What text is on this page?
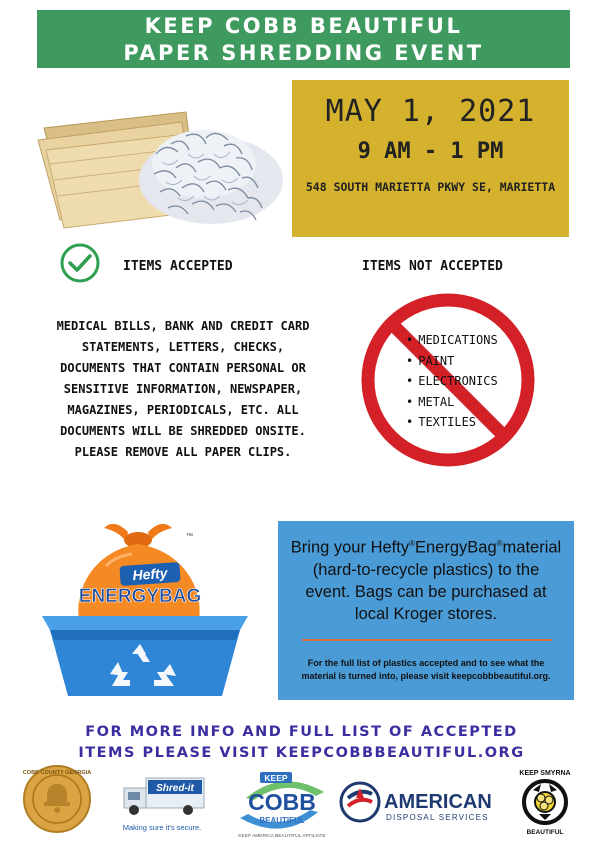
KEEP COBB BEAUTIFUL
PAPER SHREDDING EVENT
MAY 1, 2021
9 AM - 1 PM
548 SOUTH MARIETTA PKWY SE, MARIETTA
ITEMS ACCEPTED
MEDICAL BILLS, BANK AND CREDIT CARD
STATEMENTS, LETTERS, CHECKS,
DOCUMENTS THAT CONTAIN PERSONAL OR
SENSITIVE INFORMATION, NEWSPAPER,
MAGAZINES, PERIODICALS, ETC. ALL
DOCUMENTS WILL BE SHREDDED ONSITE.
PLEASE REMOVE ALL PAPER CLIPS.
ITEMS NOT ACCEPTED
• MEDICATIONS
• PAINT
• ELECTRONICS
• METAL
• TEXTILES
Hefty
™
ENERGYBAG
Bring your Hefty®EnergyBag®material
(hard-to-recycle plastics) to the
event. Bags can be purchased at
local Kroger stores.
For the full list of plastics accepted and to see what the
material is turned into, please visit keepcobbbeautiful.org.
FOR MORE INFO AND FULL LIST OF ACCEPTED
ITEMS PLEASE VISIT KEEPCOBBBEAUTIFUL.ORG
COBB COUNTY GEORGIA
Shred-it
Making sure it's secure.
KEEP
COBB
BEAUTIFUL
KEEP AMERICA BEAUTIFUL AFFILIATE
AMERICAN
DISPOSAL SERVICES
KEEP SMYRNA
BEAUTIFUL
